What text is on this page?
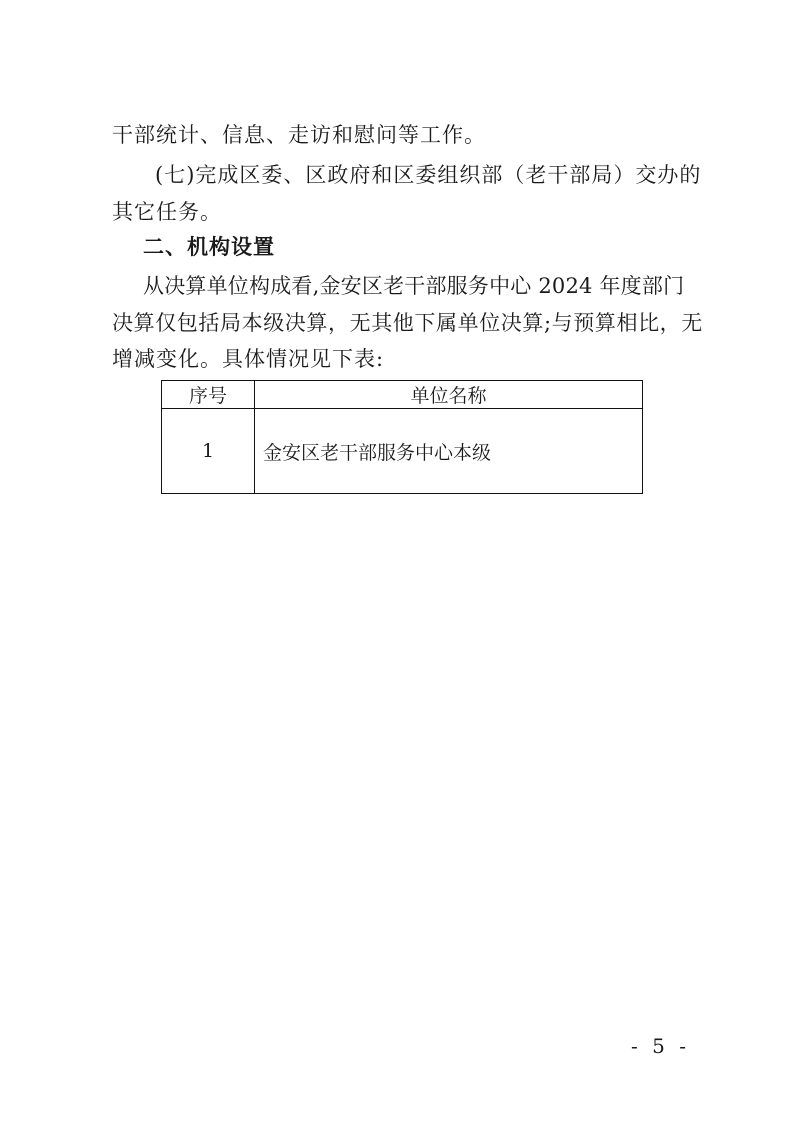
干部统计、信息、走访和慰问等工作。

(七)完成区委、区政府和区委组织部（老干部局）交办的

其它任务。

二、机构设置

从决算单位构成看,金安区老干部服务中心 2024 年度部门

决算仅包括局本级决算，无其他下属单位决算;与预算相比，无

增减变化。具体情况见下表:

序号	单位名称
1	金安区老干部服务中心本级
- 5 -
